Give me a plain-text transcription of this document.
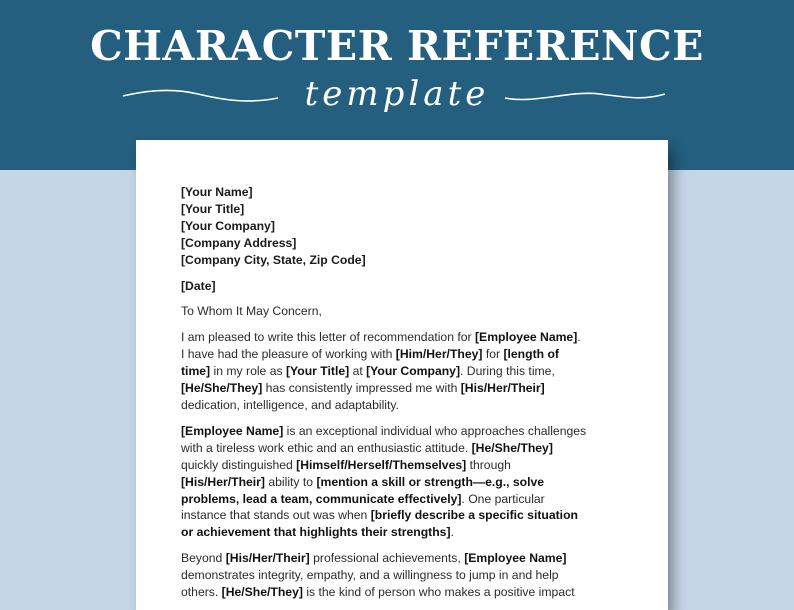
CHARACTER REFERENCE
template
[Your Name]
[Your Title]
[Your Company]
[Company Address]
[Company City, State, Zip Code]
[Date]
To Whom It May Concern,
I am pleased to write this letter of recommendation for [Employee Name].
I have had the pleasure of working with [Him/Her/They] for [length of
time] in my role as [Your Title] at [Your Company]. During this time,
[He/She/They] has consistently impressed me with [His/Her/Their]
dedication, intelligence, and adaptability.
[Employee Name] is an exceptional individual who approaches challenges
with a tireless work ethic and an enthusiastic attitude. [He/She/They]
quickly distinguished [Himself/Herself/Themselves] through
[His/Her/Their] ability to [mention a skill or strength—e.g., solve
problems, lead a team, communicate effectively]. One particular
instance that stands out was when [briefly describe a specific situation
or achievement that highlights their strengths].
Beyond [His/Her/Their] professional achievements, [Employee Name]
demonstrates integrity, empathy, and a willingness to jump in and help
others. [He/She/They] is the kind of person who makes a positive impact
